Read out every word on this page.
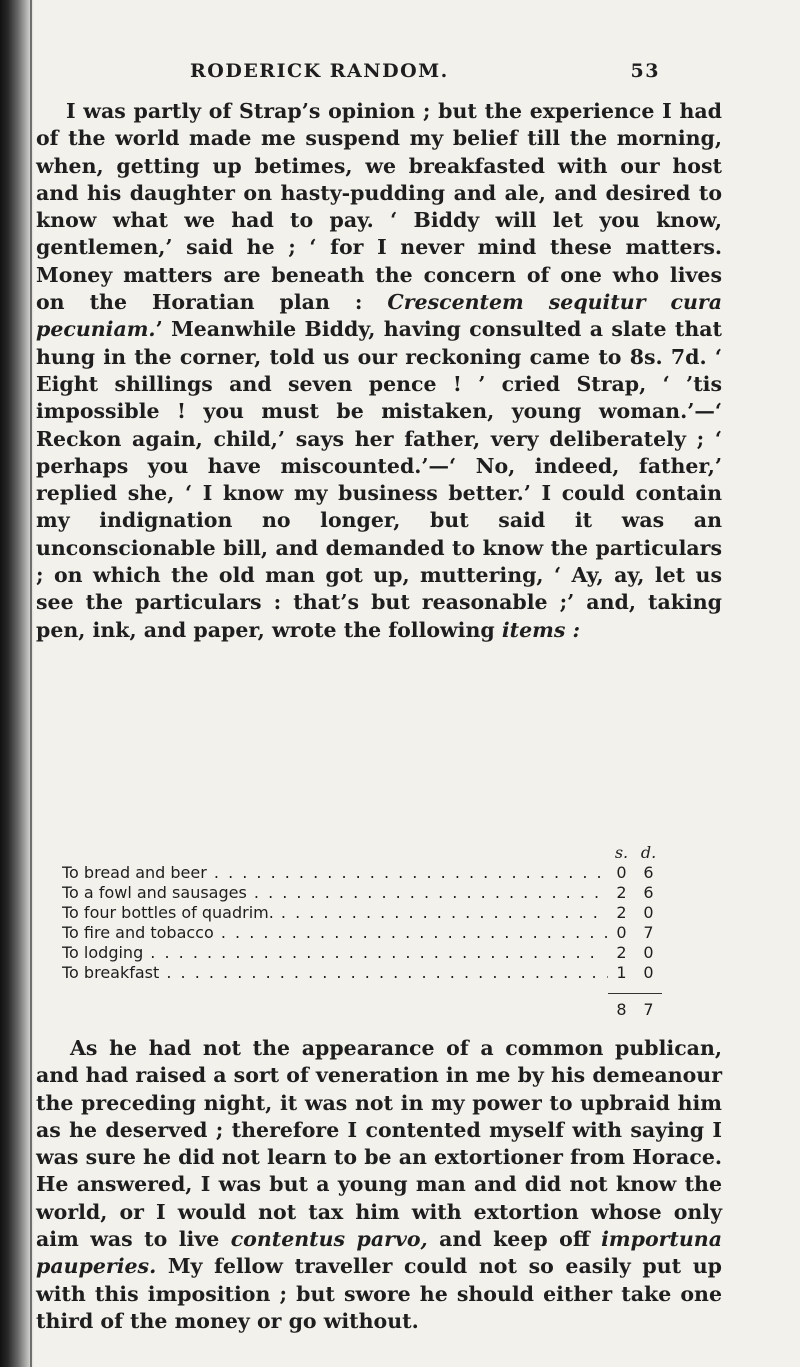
RODERICK RANDOM.	53

I was partly of Strap’s opinion ; but the experience I had of the world made me suspend my belief till the morning, when, getting up betimes, we breakfasted with our host and his daughter on hasty-pudding and ale, and desired to know what we had to pay. ‘ Biddy will let you know, gentlemen,’ said he ; ‘ for I never mind these matters. Money matters are beneath the concern of one who lives on the Horatian plan : Crescentem sequitur cura pecuniam.’ Meanwhile Biddy, having consulted a slate that hung in the corner, told us our reckoning came to 8s. 7d. ‘ Eight shillings and seven pence ! ’ cried Strap, ‘ ’tis impossible ! you must be mistaken, young woman.’—‘ Reckon again, child,’ says her father, very deliberately ; ‘ perhaps you have miscounted.’—‘ No, indeed, father,’ replied she, ‘ I know my business better.’ I could contain my indignation no longer, but said it was an unconscionable bill, and demanded to know the particulars ; on which the old man got up, muttering, ‘ Ay, ay, let us see the particulars : that’s but reasonable ;’ and, taking pen, ink, and paper, wrote the following items :

s. d.
To bread and beer . . .	0	6
To a fowl and sausages . . .	2	6
To four bottles of quadrim. . . .	2	0
To fire and tobacco . . .	0	7
To lodging . . .	2	0
To breakfast . . .	1	0
8	7

As he had not the appearance of a common publican, and had raised a sort of veneration in me by his demeanour the preceding night, it was not in my power to upbraid him as he deserved ; therefore I contented myself with saying I was sure he did not learn to be an extortioner from Horace. He answered, I was but a young man and did not know the world, or I would not tax him with extortion whose only aim was to live contentus parvo, and keep off importuna pauperies. My fellow traveller could not so easily put up with this imposition ; but swore he should either take one third of the money or go without.
